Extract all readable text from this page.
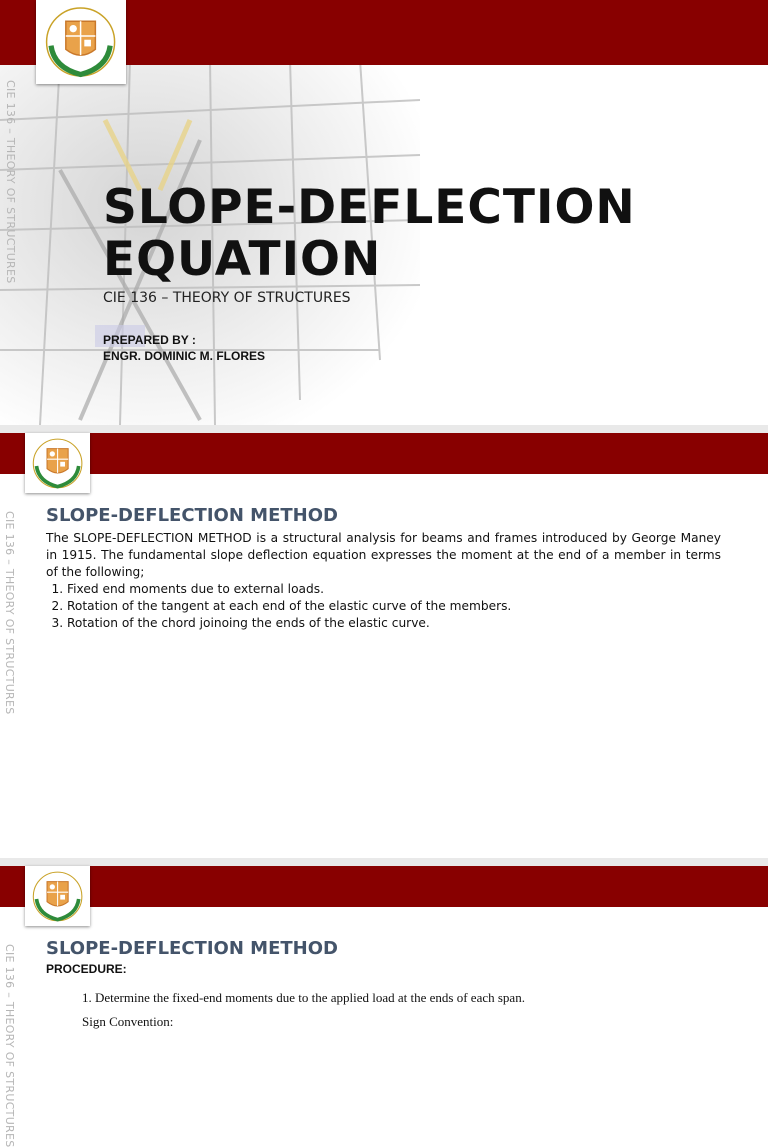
CIE 136 – THEORY OF STRUCTURES SLOPE-DEFLECTION
EQUATION
CIE 136 – THEORY OF STRUCTURES
PREPARED BY :
ENGR. DOMINIC M. FLORES
CIE 136 – THEORY OF STRUCTURES SLOPE-DEFLECTION METHOD

The SLOPE-DEFLECTION METHOD is a structural analysis for beams and frames introduced by George Maney in 1915. The fundamental slope deflection equation expresses the moment at the end of a member in terms of the following;

1. Fixed end moments due to external loads.
2. Rotation of the tangent at each end of the elastic curve of the members.
3. Rotation of the chord joinoing the ends of the elastic curve.
CIE 136 – THEORY OF STRUCTURES SLOPE-DEFLECTION METHOD
PROCEDURE:
1. Determine the fixed-end moments due to the applied load at the ends of each span.
Sign Convention:
